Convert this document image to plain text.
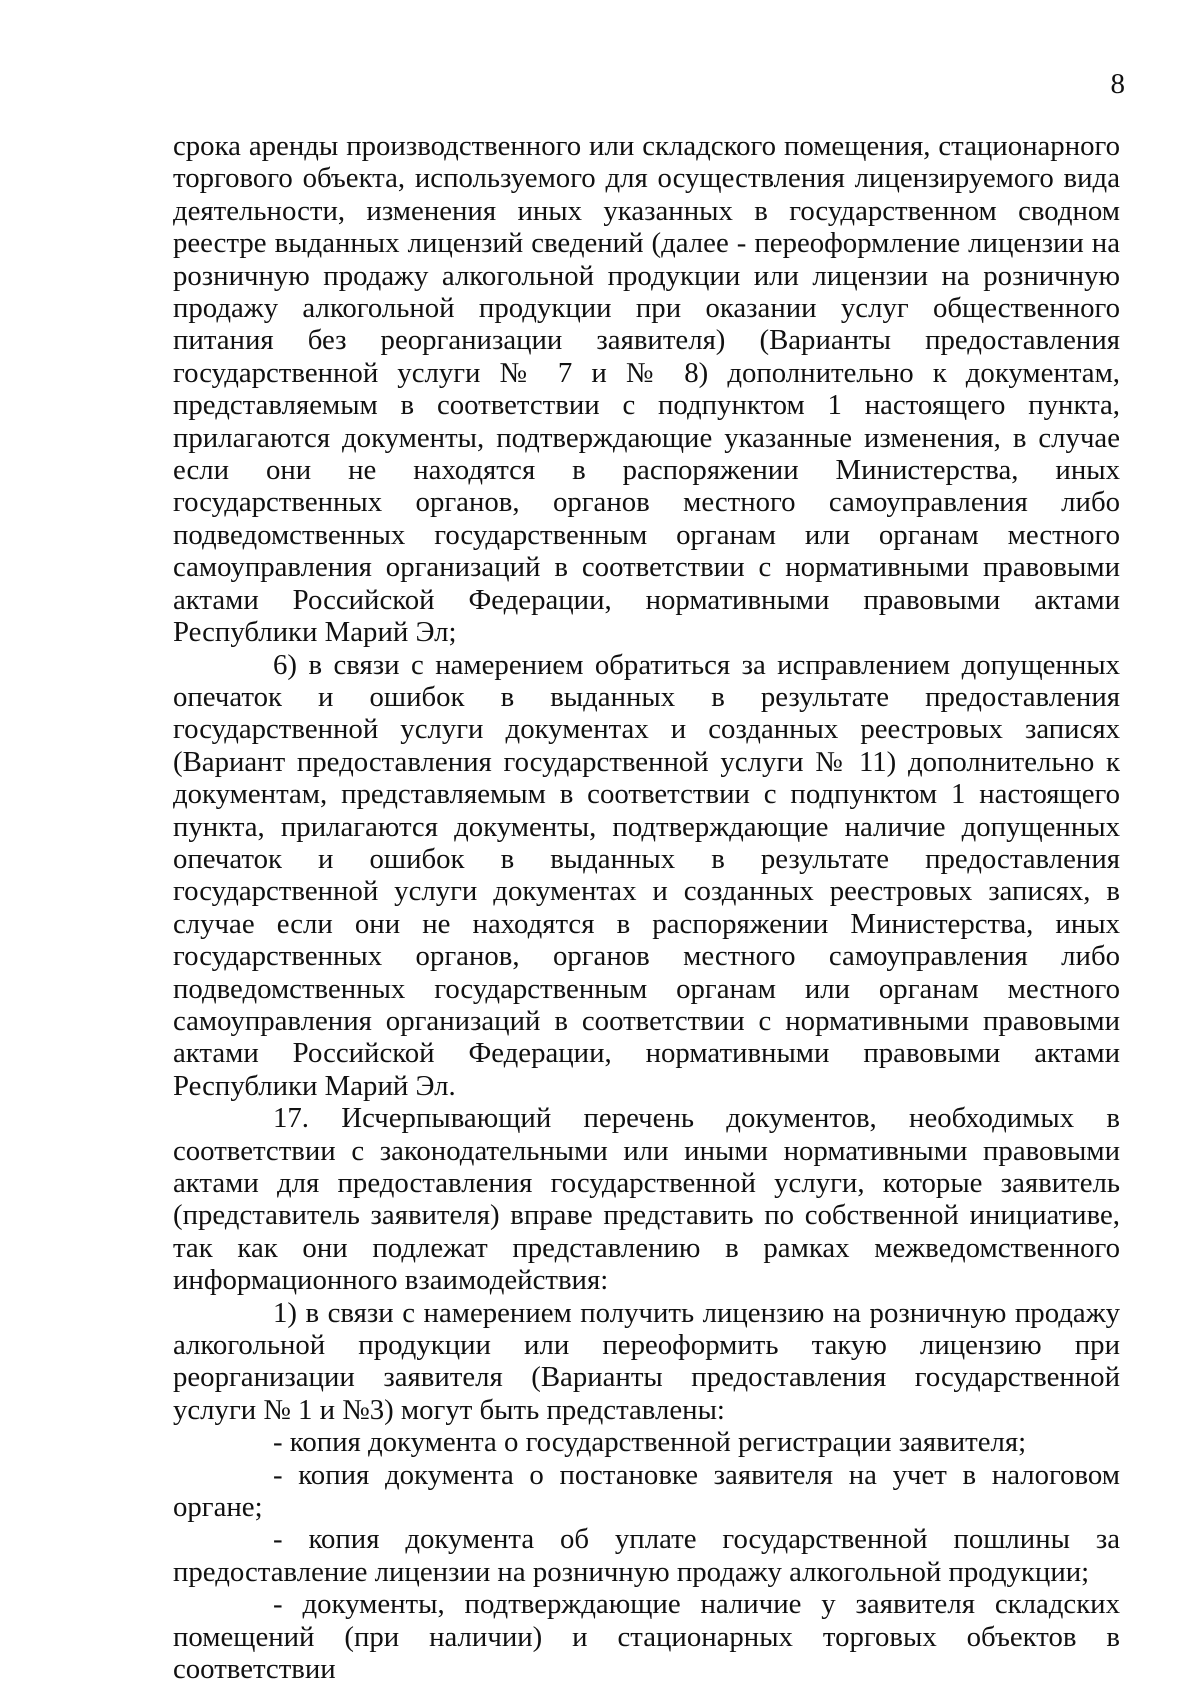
8

срока аренды производственного или складского помещения, стационарного торгового объекта, используемого для осуществления лицензируемого вида деятельности, изменения иных указанных в государственном сводном реестре выданных лицензий сведений (далее - переоформление лицензии на розничную продажу алкогольной продукции или лицензии на розничную продажу алкогольной продукции при оказании услуг общественного питания без реорганизации заявителя) (Варианты предоставления государственной услуги № 7 и № 8) дополнительно к документам, представляемым в соответствии с подпунктом 1 настоящего пункта, прилагаются документы, подтверждающие указанные изменения, в случае если они не находятся в распоряжении Министерства, иных государственных органов, органов местного самоуправления либо подведомственных государственным органам или органам местного самоуправления организаций в соответствии с нормативными правовыми актами Российской Федерации, нормативными правовыми актами Республики Марий Эл;

6) в связи с намерением обратиться за исправлением допущенных опечаток и ошибок в выданных в результате предоставления государственной услуги документах и созданных реестровых записях (Вариант предоставления государственной услуги № 11) дополнительно к документам, представляемым в соответствии с подпунктом 1 настоящего пункта, прилагаются документы, подтверждающие наличие допущенных опечаток и ошибок в выданных в результате предоставления государственной услуги документах и созданных реестровых записях, в случае если они не находятся в распоряжении Министерства, иных государственных органов, органов местного самоуправления либо подведомственных государственным органам или органам местного самоуправления организаций в соответствии с нормативными правовыми актами Российской Федерации, нормативными правовыми актами Республики Марий Эл.

17. Исчерпывающий перечень документов, необходимых в соответствии с законодательными или иными нормативными правовыми актами для предоставления государственной услуги, которые заявитель (представитель заявителя) вправе представить по собственной инициативе, так как они подлежат представлению в рамках межведомственного информационного взаимодействия:

1) в связи с намерением получить лицензию на розничную продажу алкогольной продукции или переоформить такую лицензию при реорганизации заявителя (Варианты предоставления государственной услуги № 1 и №3) могут быть представлены:

- копия документа о государственной регистрации заявителя;

- копия документа о постановке заявителя на учет в налоговом органе;

- копия документа об уплате государственной пошлины за предоставление лицензии на розничную продажу алкогольной продукции;

- документы, подтверждающие наличие у заявителя складских помещений (при наличии) и стационарных торговых объектов в соответствии
